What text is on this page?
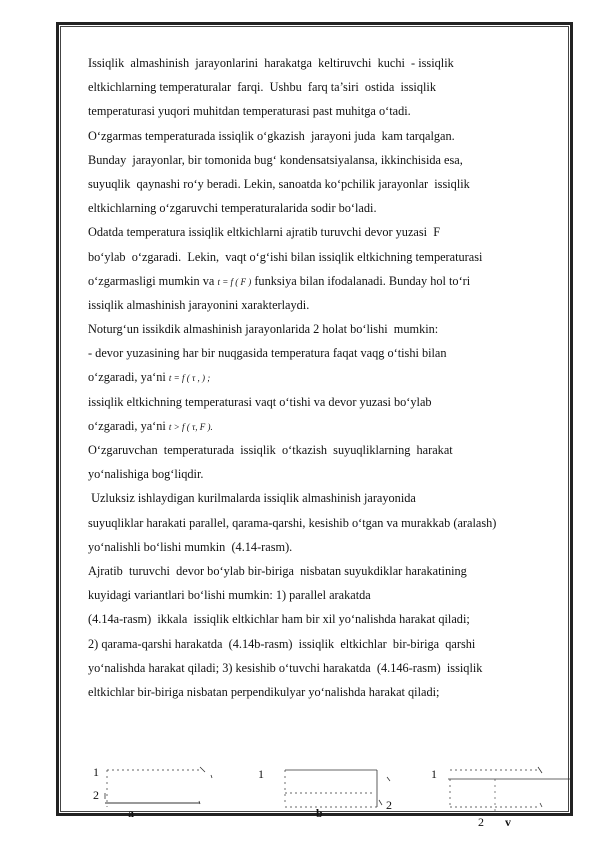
Issiqlik  almashinish  jarayonlarini  harakatga  keltiruvchi  kuchi  - issiqlik
eltkichlarning temperaturalar  farqi.  Ushbu  farq ta’siri  ostida  issiqlik
temperaturasi yuqori muhitdan temperaturasi past muhitga o‘tadi.
O‘zgarmas temperaturada issiqlik o‘gkazish  jarayoni juda  kam tarqalgan.
Bunday  jarayonlar, bir tomonida bug‘ kondensatsiyalansa, ikkinchisida esa,
suyuqlik  qaynashi ro‘y beradi. Lekin, sanoatda ko‘pchilik jarayonlar  issiqlik
eltkichlarning o‘zgaruvchi temperaturalarida sodir bo‘ladi.
Odatda temperatura issiqlik eltkichlarni ajratib turuvchi devor yuzasi  F
bo‘ylab  o‘zgaradi.  Lekin,  vaqt o‘g‘ishi bilan issiqlik eltkichning temperaturasi
o‘zgarmasligi mumkin va t = f ( F ) funksiya bilan ifodalanadi. Bunday hol to‘ri
issiqlik almashinish jarayonini xarakterlaydi.
Noturg‘un issikdik almashinish jarayonlarida 2 holat bo‘lishi  mumkin:
- devor yuzasining har bir nuqgasida temperatura faqat vaqg o‘tishi bilan
o‘zgaradi, ya‘ni t = f ( τ , ) ;
issiqlik eltkichning temperaturasi vaqt o‘tishi va devor yuzasi bo‘ylab
o‘zgaradi, ya‘ni t > f ( τ, F ).
O‘zgaruvchan  temperaturada  issiqlik  o‘tkazish  suyuqliklarning  harakat
yo‘nalishiga bog‘liqdir.
Uzluksiz ishlaydigan kurilmalarda issiqlik almashinish jarayonida
suyuqliklar harakati parallel, qarama-qarshi, kesishib o‘tgan va murakkab (aralash)
yo‘nalishli bo‘lishi mumkin  (4.14-rasm).
Ajratib  turuvchi  devor bo‘ylab bir-biriga  nisbatan suyukdiklar harakatining
kuyidagi variantlari bo‘lishi mumkin: 1) parallel arakatda
(4.14a-rasm)  ikkala  issiqlik eltkichlar ham bir xil yo‘nalishda harakat qiladi;
2) qarama-qarshi harakatda  (4.14b-rasm)  issiqlik  eltkichlar  bir-biriga  qarshi
yo‘nalishda harakat qiladi; 3) kesishib o‘tuvchi harakatda  (4.146-rasm)  issiqlik
eltkichlar bir-biriga nisbatan perpendikulyar yo‘nalishda harakat qiladi;
1
2
a
1
2
b
1
2 v
